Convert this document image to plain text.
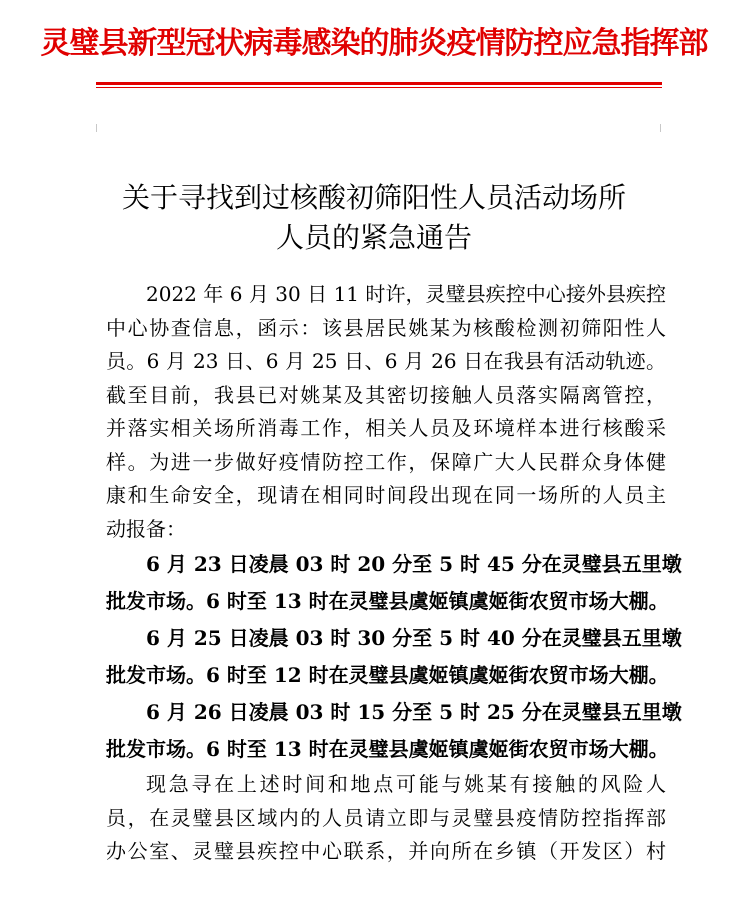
灵璧县新型冠状病毒感染的肺炎疫情防控应急指挥部
关于寻找到过核酸初筛阳性人员活动场所
人员的紧急通告
2022 年 6 月 30 日 11 时许，灵璧县疾控中心接外县疾控
中心协查信息，函示：该县居民姚某为核酸检测初筛阳性人
员。6 月 23 日、6 月 25 日、6 月 26 日在我县有活动轨迹。
截至目前，我县已对姚某及其密切接触人员落实隔离管控，
并落实相关场所消毒工作，相关人员及环境样本进行核酸采
样。为进一步做好疫情防控工作，保障广大人民群众身体健
康和生命安全，现请在相同时间段出现在同一场所的人员主
动报备：
6 月 23 日凌晨 03 时 20 分至 5 时 45 分在灵璧县五里墩
批发市场。6 时至 13 时在灵璧县虞姬镇虞姬街农贸市场大棚。
6 月 25 日凌晨 03 时 30 分至 5 时 40 分在灵璧县五里墩
批发市场。6 时至 12 时在灵璧县虞姬镇虞姬街农贸市场大棚。
6 月 26 日凌晨 03 时 15 分至 5 时 25 分在灵璧县五里墩
批发市场。6 时至 13 时在灵璧县虞姬镇虞姬街农贸市场大棚。
现急寻在上述时间和地点可能与姚某有接触的风险人
员，在灵璧县区域内的人员请立即与灵璧县疫情防控指挥部
办公室、灵璧县疾控中心联系，并向所在乡镇（开发区）村
